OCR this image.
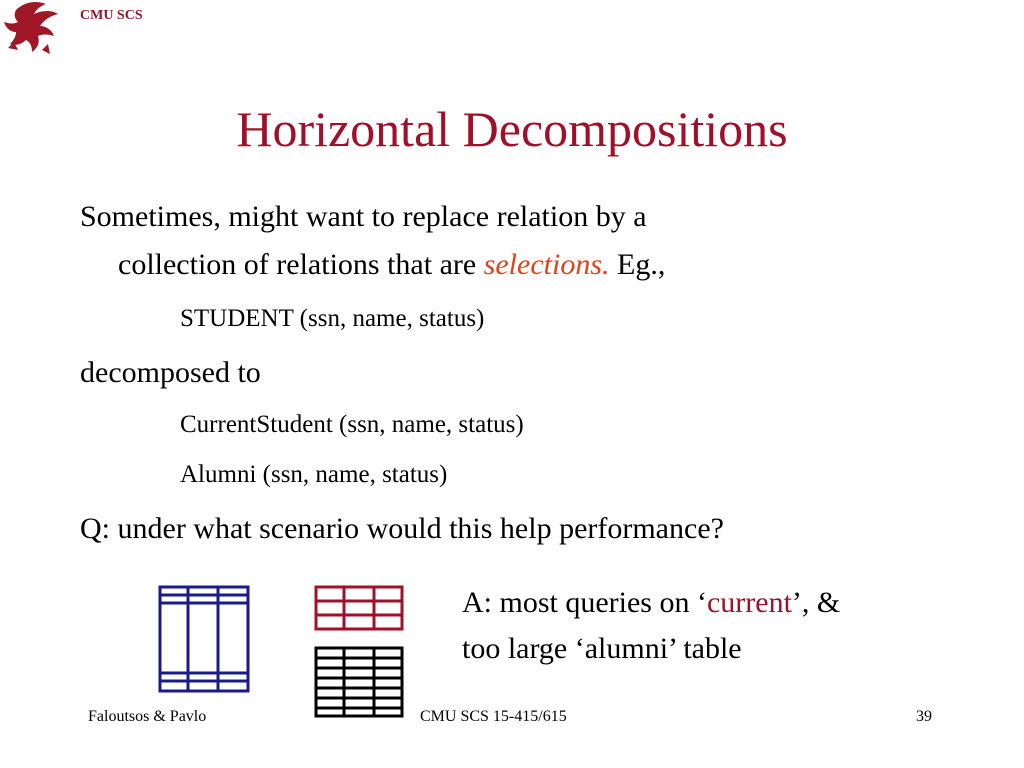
CMU SCS
Horizontal Decompositions
Sometimes, might want to replace relation by a
collection of relations that are selections. Eg.,
STUDENT (ssn, name, status)
decomposed to
CurrentStudent (ssn, name, status)
Alumni (ssn, name, status)
Q: under what scenario would this help performance?
A: most queries on ‘current’, &
too large ‘alumni’ table
Faloutsos & Pavlo	CMU SCS 15-415/615	39
